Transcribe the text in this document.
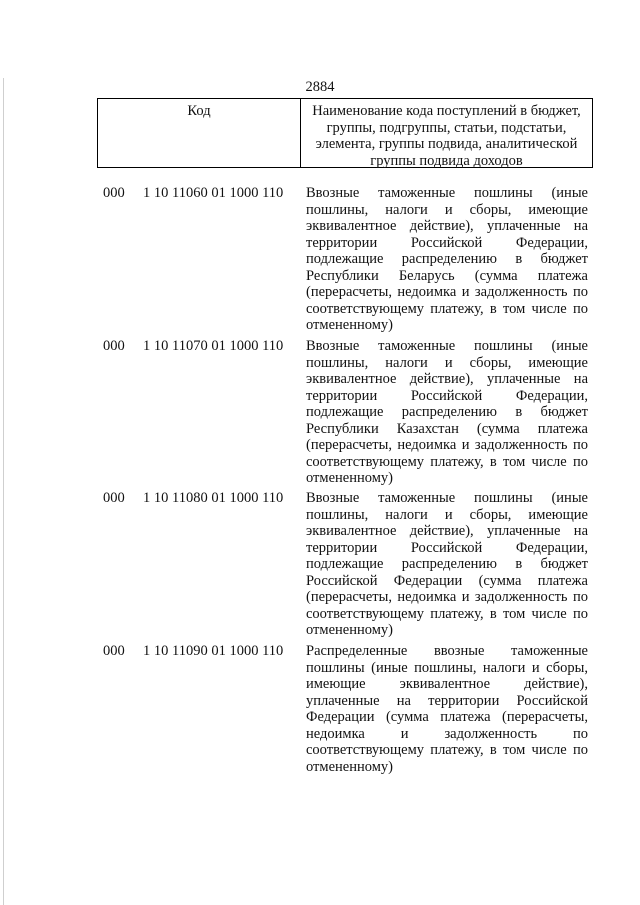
2884
Код	Наименование кода поступлений в бюджет, группы, подгруппы, статьи, подстатьи, элемента, группы подвида, аналитической группы подвида доходов
000 1 10 11060 01 1000 110 Ввозные таможенные пошлины (иные пошлины, налоги и сборы, имеющие эквивалентное действие), уплаченные на территории Российской Федерации, подлежащие распределению в бюджет Республики Беларусь (сумма платежа (перерасчеты, недоимка и задолженность по соответствующему платежу, в том числе по отмененному)
000 1 10 11070 01 1000 110 Ввозные таможенные пошлины (иные пошлины, налоги и сборы, имеющие эквивалентное действие), уплаченные на территории Российской Федерации, подлежащие распределению в бюджет Республики Казахстан (сумма платежа (перерасчеты, недоимка и задолженность по соответствующему платежу, в том числе по отмененному)
000 1 10 11080 01 1000 110 Ввозные таможенные пошлины (иные пошлины, налоги и сборы, имеющие эквивалентное действие), уплаченные на территории Российской Федерации, подлежащие распределению в бюджет Российской Федерации (сумма платежа (перерасчеты, недоимка и задолженность по соответствующему платежу, в том числе по отмененному)
000 1 10 11090 01 1000 110 Распределенные ввозные таможенные пошлины (иные пошлины, налоги и сборы, имеющие эквивалентное действие), уплаченные на территории Российской Федерации (сумма платежа (перерасчеты, недоимка и задолженность по соответствующему платежу, в том числе по отмененному)
